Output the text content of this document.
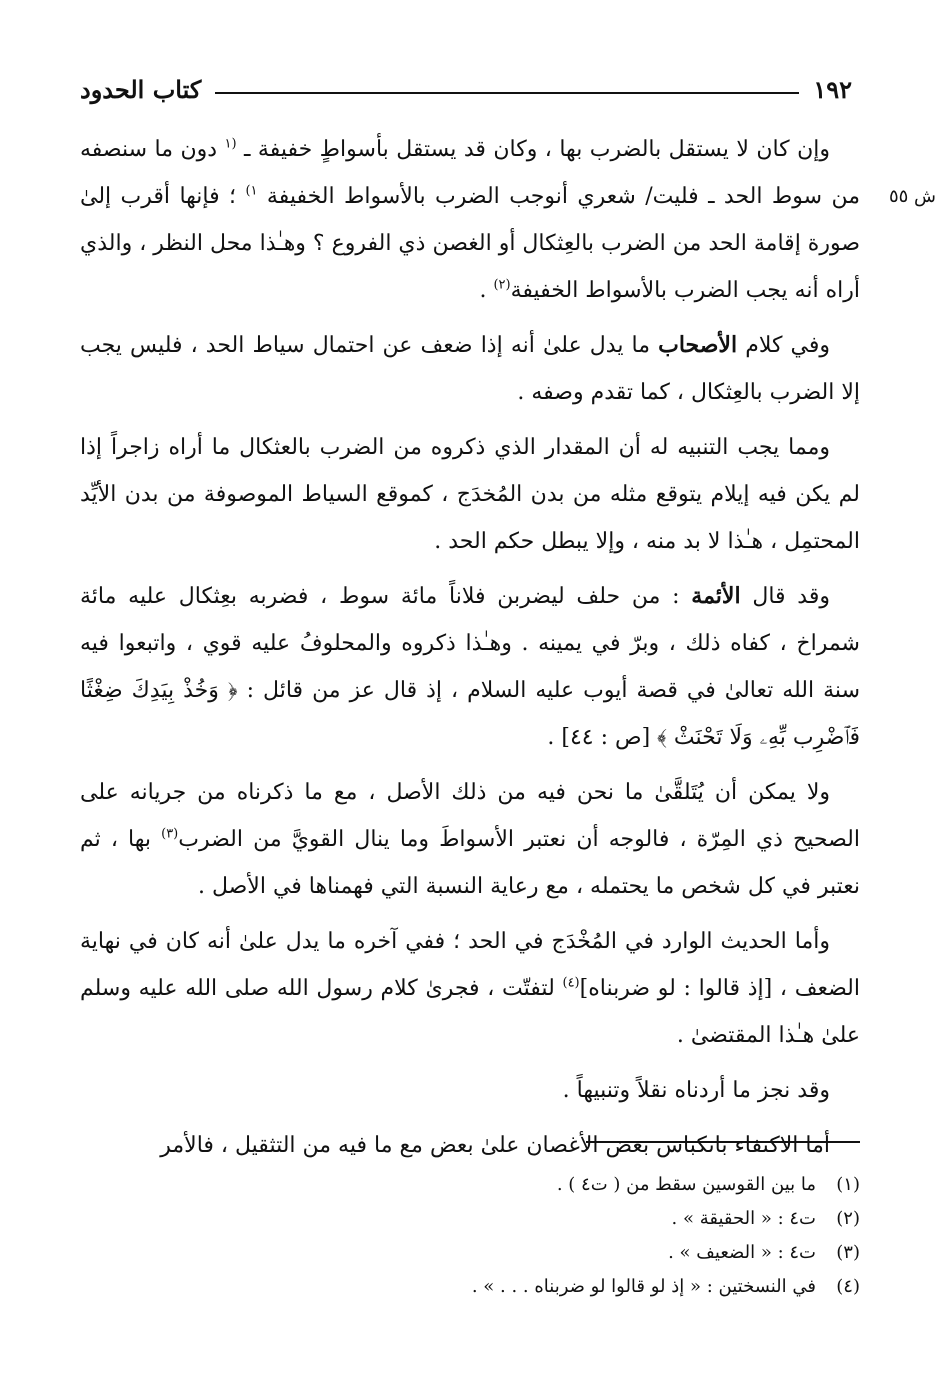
١٩٢
كتاب الحدود
ش ٥٥

وإن كان لا يستقل بالضرب بها ، وكان قد يستقل بأسواطٍ خفيفة ـ $^{(١}$ دون ما سنصفه من سوط الحد ـ فليت/ شعري أنوجب الضرب بالأسواط الخفيفة $^{١)}$ ؛ فإنها أقرب إلىٰ صورة إقامة الحد من الضرب بالعِثكال أو الغصن ذي الفروع ؟ وهـٰذا محل النظر ، والذي أراه أنه يجب الضرب بالأسواط الخفيفة$^{(٢)}$ .

وفي كلام الأصحاب ما يدل علىٰ أنه إذا ضعف عن احتمال سياط الحد ، فليس يجب إلا الضرب بالعِثكال ، كما تقدم وصفه .

ومما يجب التنبيه له أن المقدار الذي ذكروه من الضرب بالعثكال ما أراه زاجراً إذا لم يكن فيه إيلام يتوقع مثله من بدن المُخدَج ، كموقع السياط الموصوفة من بدن الأيِّد المحتمِل ، هـٰذا لا بد منه ، وإلا يبطل حكم الحد .

وقد قال الأئمة : من حلف ليضربن فلاناً مائة سوط ، فضربه بعِثكال عليه مائة شمراخ ، كفاه ذلك ، وبرّ في يمينه . وهـٰذا ذكروه والمحلوفُ عليه قوي ، واتبعوا فيه سنة الله تعالىٰ في قصة أيوب عليه السلام ، إذ قال عز من قائل : ﴿ وَخُذْ بِيَدِكَ ضِغْثًا فَٱضْرِب بِّهِۦ وَلَا تَحْنَثْ ﴾ [ص : ٤٤] .

ولا يمكن أن يُتَلقَّىٰ ما نحن فيه من ذلك الأصل ، مع ما ذكرناه من جريانه على الصحيح ذي المِرّة ، فالوجه أن نعتبر الأسواطَ وما ينال القويَّ من الضرب$^{(٣)}$ بها ، ثم نعتبر في كل شخص ما يحتمله ، مع رعاية النسبة التي فهمناها في الأصل .

وأما الحديث الوارد في المُخْدَج في الحد ؛ ففي آخره ما يدل علىٰ أنه كان في نهاية الضعف ، [إذ قالوا : لو ضربناه]$^{(٤)}$ لتفتّت ، فجرىٰ كلام رسول الله صلى الله عليه وسلم علىٰ هـٰذا المقتضىٰ .

وقد نجز ما أردناه نقلاً وتنبيهاً .

أما الاكتفاء بانكباس بعض الأغصان علىٰ بعض مع ما فيه من التثقيل ، فالأمر

(١)
ما بين القوسين سقط من ( ت٤ ) .
(٢)
ت٤ : « الحقيقة » .
(٣)
ت٤ : « الضعيف » .
(٤)
في النسختين : « إذ لو قالوا لو ضربناه . . . » .
